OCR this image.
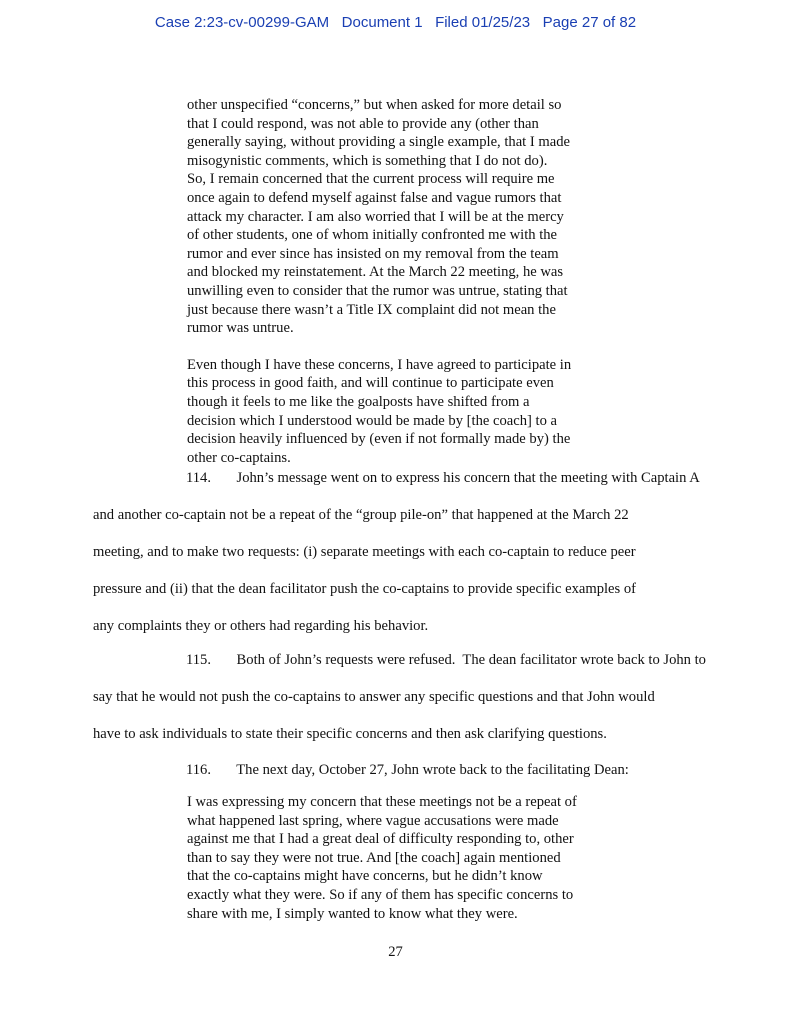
Case 2:23-cv-00299-GAM Document 1 Filed 01/25/23 Page 27 of 82
other unspecified “concerns,” but when asked for more detail so
that I could respond, was not able to provide any (other than
generally saying, without providing a single example, that I made
misogynistic comments, which is something that I do not do).
So, I remain concerned that the current process will require me
once again to defend myself against false and vague rumors that
attack my character. I am also worried that I will be at the mercy
of other students, one of whom initially confronted me with the
rumor and ever since has insisted on my removal from the team
and blocked my reinstatement. At the March 22 meeting, he was
unwilling even to consider that the rumor was untrue, stating that
just because there wasn’t a Title IX complaint did not mean the
rumor was untrue.
Even though I have these concerns, I have agreed to participate in
this process in good faith, and will continue to participate even
though it feels to me like the goalposts have shifted from a
decision which I understood would be made by [the coach] to a
decision heavily influenced by (even if not formally made by) the
other co-captains.
114.       John’s message went on to express his concern that the meeting with Captain A
and another co-captain not be a repeat of the “group pile-on” that happened at the March 22
meeting, and to make two requests: (i) separate meetings with each co-captain to reduce peer
pressure and (ii) that the dean facilitator push the co-captains to provide specific examples of
any complaints they or others had regarding his behavior.
115.       Both of John’s requests were refused.  The dean facilitator wrote back to John to
say that he would not push the co-captains to answer any specific questions and that John would
have to ask individuals to state their specific concerns and then ask clarifying questions.
116.       The next day, October 27, John wrote back to the facilitating Dean:
I was expressing my concern that these meetings not be a repeat of
what happened last spring, where vague accusations were made
against me that I had a great deal of difficulty responding to, other
than to say they were not true. And [the coach] again mentioned
that the co-captains might have concerns, but he didn’t know
exactly what they were. So if any of them has specific concerns to
share with me, I simply wanted to know what they were.
27
